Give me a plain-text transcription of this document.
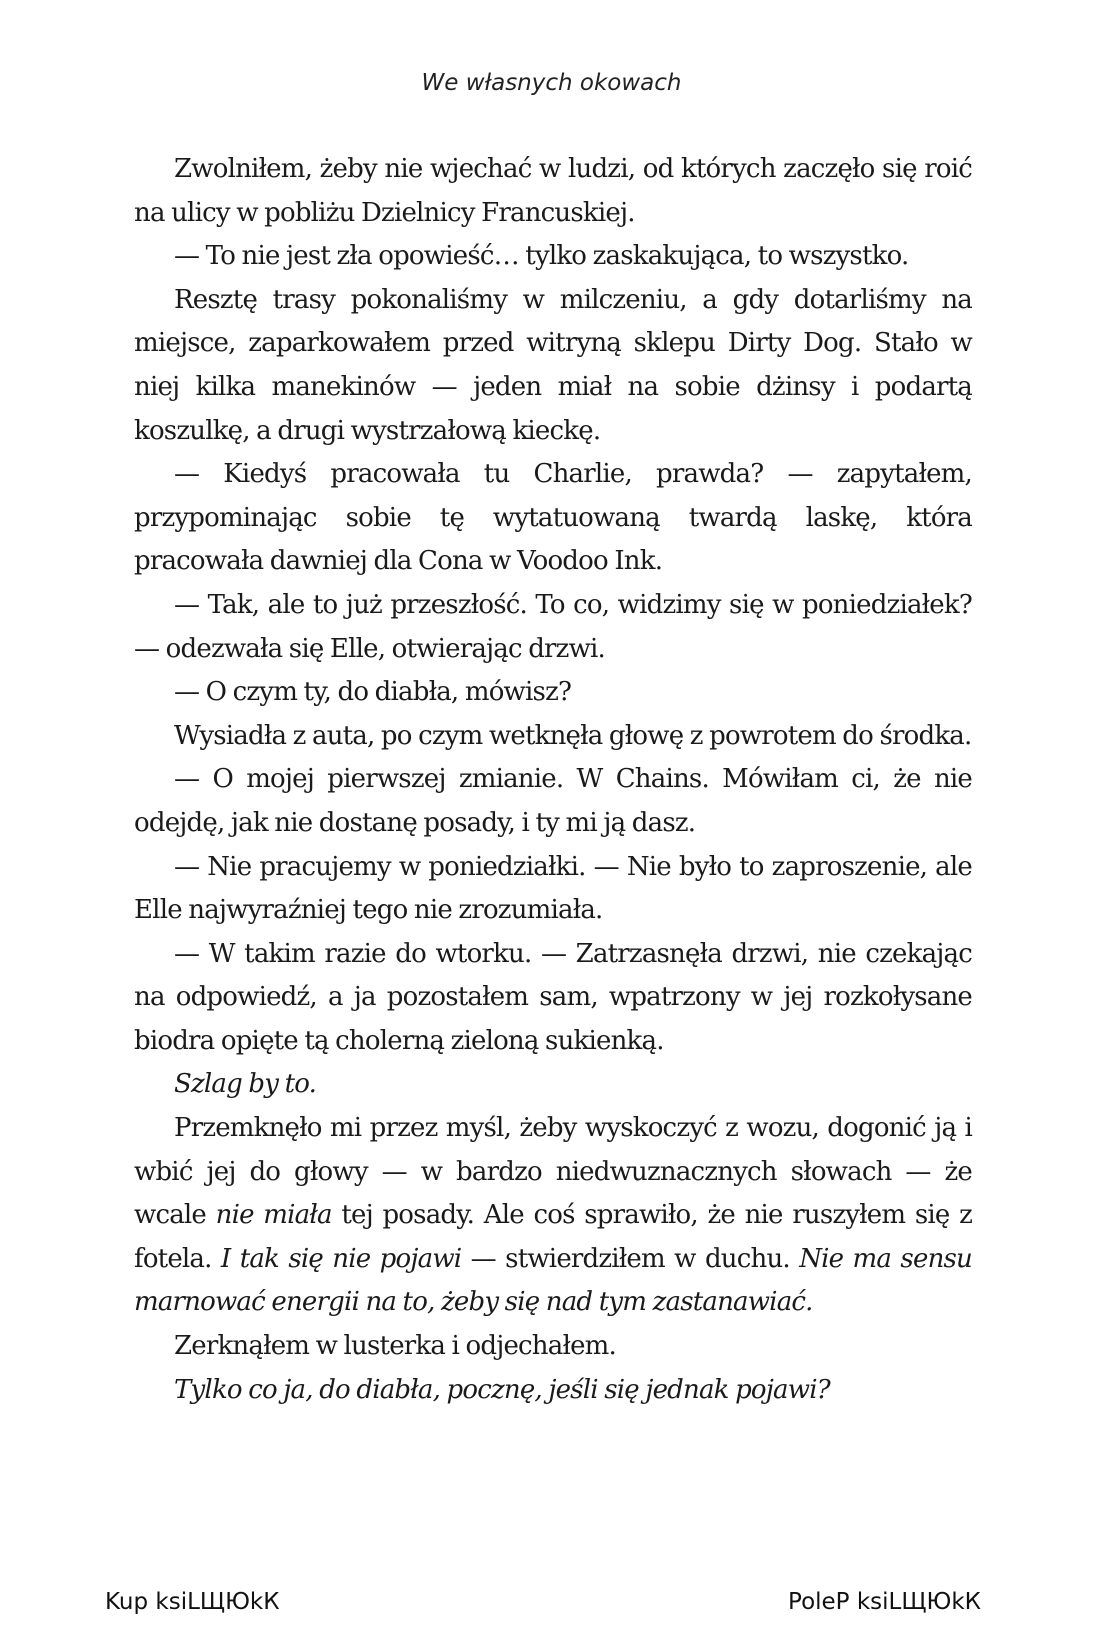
We własnych okowach

Zwolniłem, żeby nie wjechać w ludzi, od których zaczęło się roić na ulicy w pobliżu Dzielnicy Francuskiej.

— To nie jest zła opowieść… tylko zaskakująca, to wszystko.

Resztę trasy pokonaliśmy w milczeniu, a gdy dotarliśmy na miejsce, zaparkowałem przed witryną sklepu Dirty Dog. Stało w niej kilka manekinów — jeden miał na sobie dżinsy i podartą koszulkę, a drugi wystrzałową kieckę.

— Kiedyś pracowała tu Charlie, prawda? — zapytałem, przypominając sobie tę wytatuowaną twardą laskę, która pracowała dawniej dla Cona w Voodoo Ink.

— Tak, ale to już przeszłość. To co, widzimy się w poniedziałek? — odezwała się Elle, otwierając drzwi.

— O czym ty, do diabła, mówisz?

Wysiadła z auta, po czym wetknęła głowę z powrotem do środka.

— O mojej pierwszej zmianie. W Chains. Mówiłam ci, że nie odejdę, jak nie dostanę posady, i ty mi ją dasz.

— Nie pracujemy w poniedziałki. — Nie było to zaproszenie, ale Elle najwyraźniej tego nie zrozumiała.

— W takim razie do wtorku. — Zatrzasnęła drzwi, nie czekając na odpowiedź, a ja pozostałem sam, wpatrzony w jej rozkołysane biodra opięte tą cholerną zieloną sukienką.

Szlag by to.

Przemknęło mi przez myśl, żeby wyskoczyć z wozu, dogonić ją i wbić jej do głowy — w bardzo niedwuznacznych słowach — że wcale nie miała tej posady. Ale coś sprawiło, że nie ruszyłem się z fotela. I tak się nie pojawi — stwierdziłem w duchu. Nie ma sensu marnować energii na to, żeby się nad tym zastanawiać.

Zerknąłem w lusterka i odjechałem.

Tylko co ja, do diabła, pocznę, jeśli się jednak pojawi?

Kup ksiLЩЮkК	PoleР ksiLЩЮkК
